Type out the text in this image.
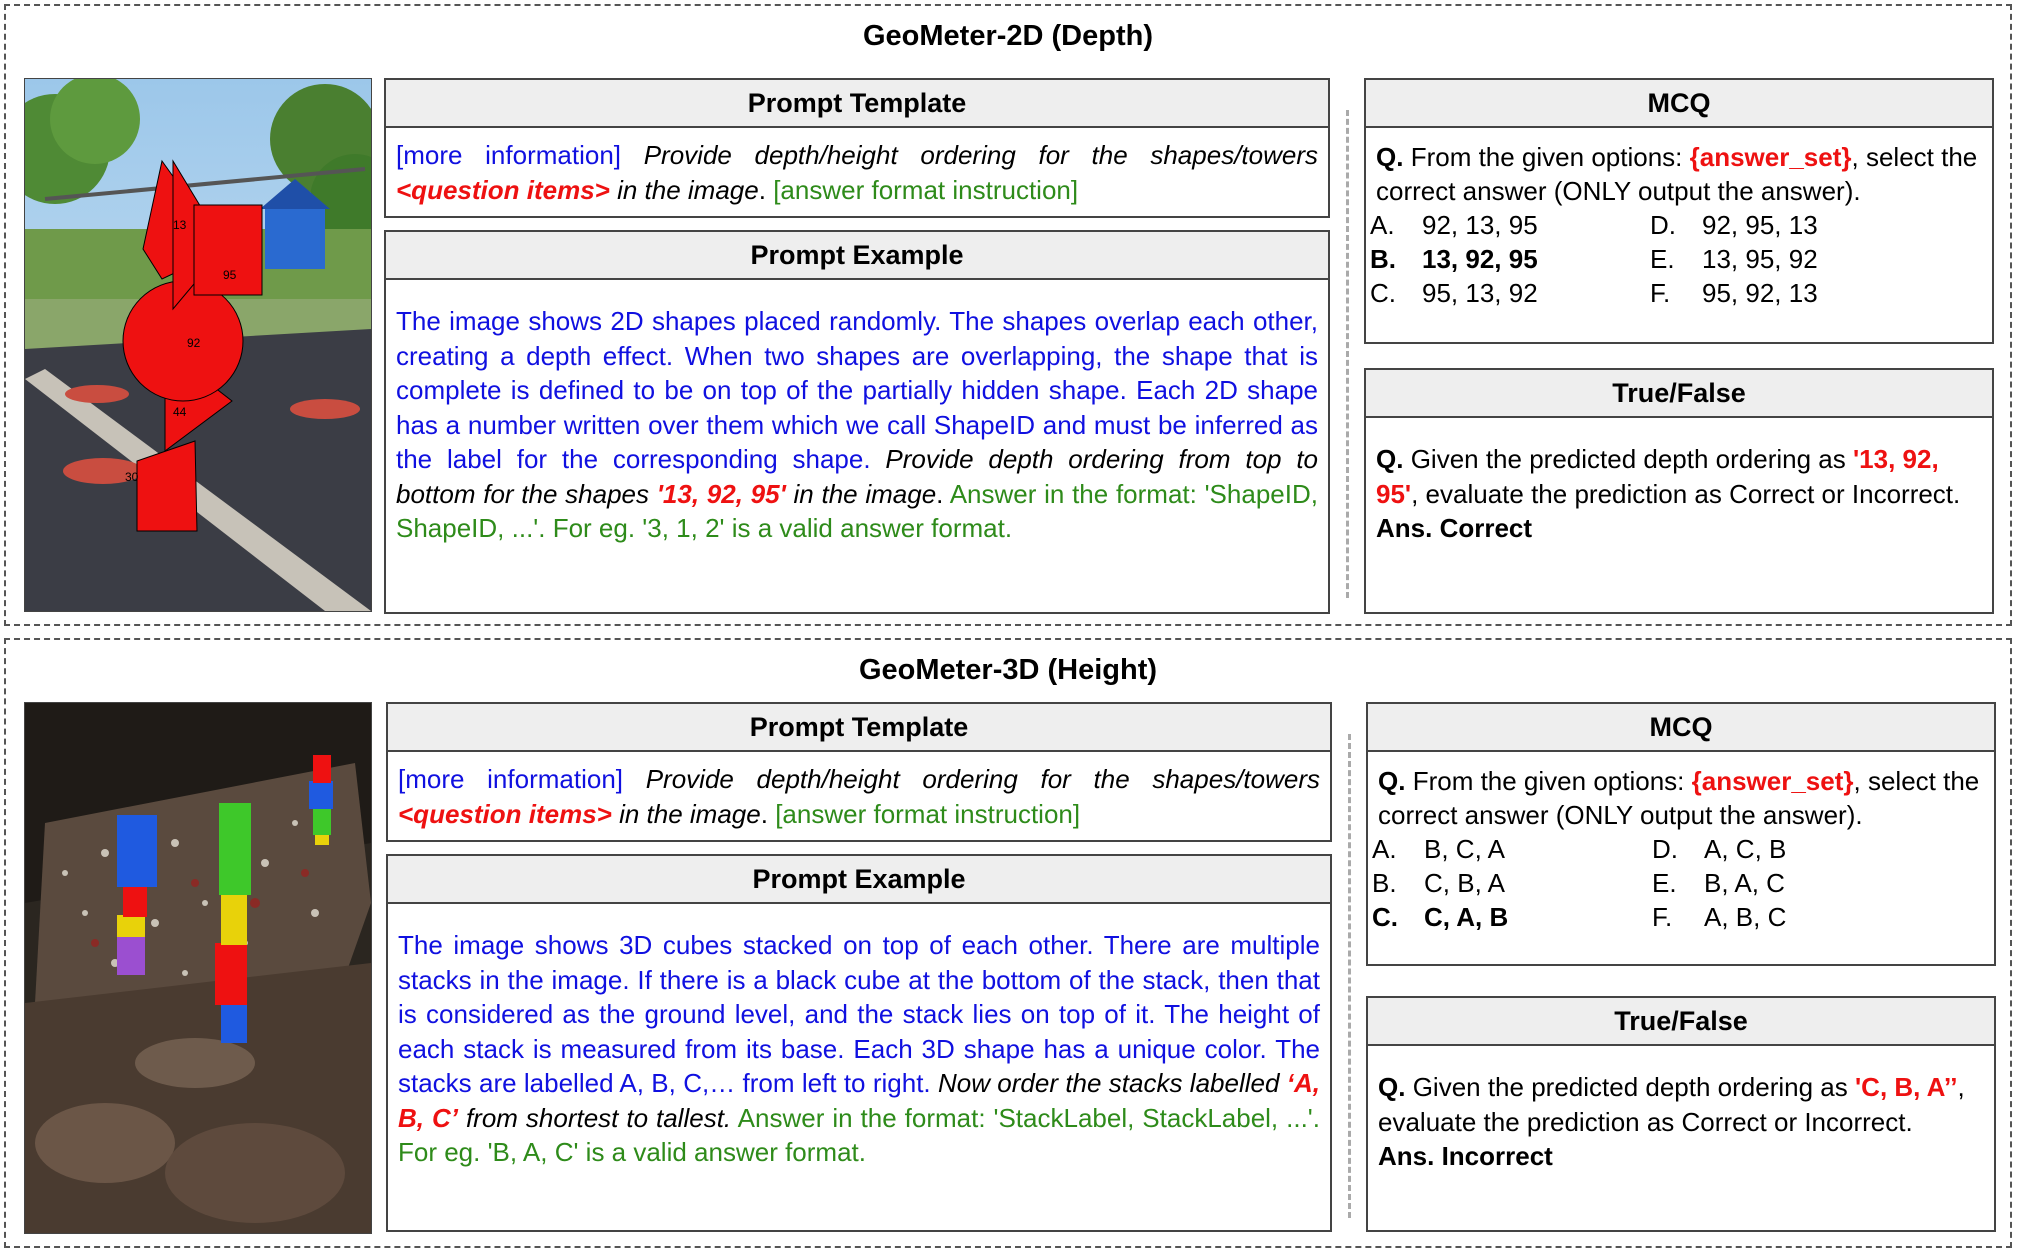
GeoMeter-2D (Depth)
13
95
92
44
30
Prompt Template
[more information] Provide depth/height ordering for the shapes/towers <question items> in the image. [answer format instruction]
Prompt Example
The image shows 2D shapes placed randomly. The shapes overlap each other, creating a depth effect. When two shapes are overlapping, the shape that is complete is defined to be on top of the partially hidden shape. Each 2D shape has a number written over them which we call ShapeID and must be inferred as the label for the corresponding shape. Provide depth ordering from top to bottom for the shapes '13, 92, 95' in the image. Answer in the format: 'ShapeID, ShapeID, ...'. For eg. '3, 1, 2' is a valid answer format.
MCQ
Q. From the given options: {answer_set}, select the correct answer (ONLY output the answer).
A.	92, 13, 95	D.	92, 95, 13
B.	13, 92, 95	E.	13, 95, 92
C.	95, 13, 92	F.	95, 92, 13
True/False
Q. Given the predicted depth ordering as '13, 92, 95', evaluate the prediction as Correct or Incorrect.
Ans. Correct
GeoMeter-3D (Height)
Prompt Template
[more information] Provide depth/height ordering for the shapes/towers <question items> in the image. [answer format instruction]
Prompt Example
The image shows 3D cubes stacked on top of each other. There are multiple stacks in the image. If there is a black cube at the bottom of the stack, then that is considered as the ground level, and the stack lies on top of it. The height of each stack is measured from its base. Each 3D shape has a unique color. The stacks are labelled A, B, C,… from left to right. Now order the stacks labelled ‘A, B, C’ from shortest to tallest. Answer in the format: 'StackLabel, StackLabel, ...'. For eg. 'B, A, C' is a valid answer format.
MCQ
Q. From the given options: {answer_set}, select the correct answer (ONLY output the answer).
A.	B, C, A	D.	A, C, B
B.	C, B, A	E.	B, A, C
C.	C, A, B	F.	A, B, C
True/False
Q. Given the predicted depth ordering as 'C, B, A’’, evaluate the prediction as Correct or Incorrect.
Ans. Incorrect
